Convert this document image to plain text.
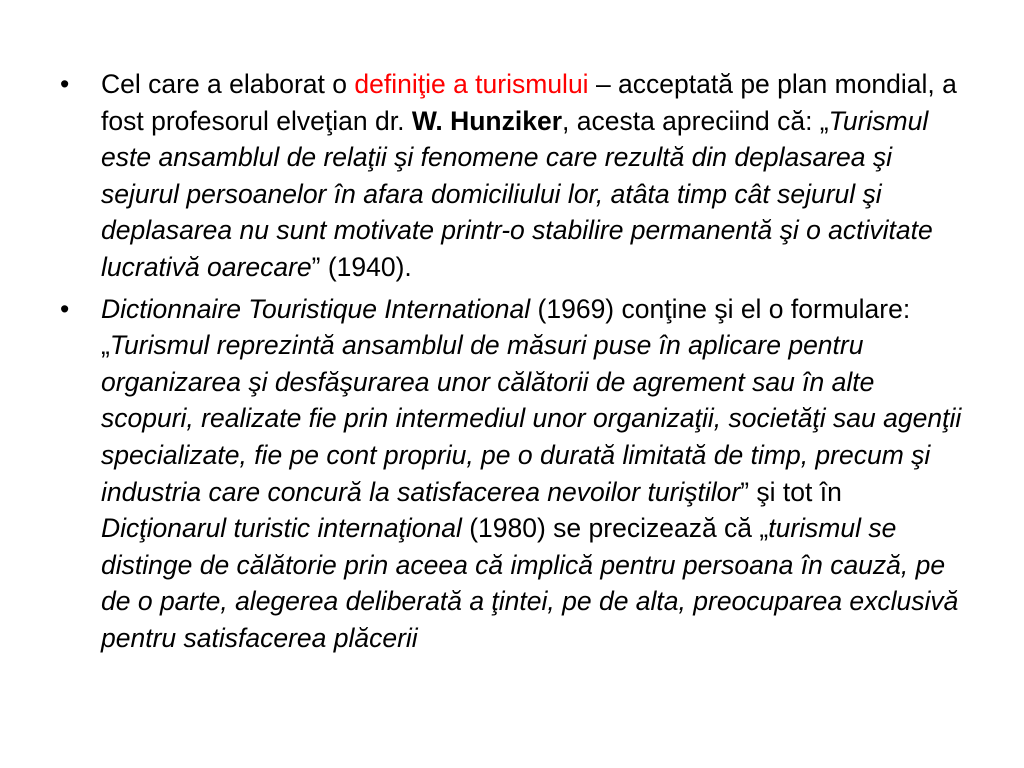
• Cel care a elaborat o definiţie a turismului – acceptată pe plan mondial, a fost profesorul elveţian dr. W. Hunziker, acesta apreciind că: „Turismul este ansamblul de relaţii şi fenomene care rezultă din deplasarea şi sejurul persoanelor în afara domiciliului lor, atâta timp cât sejurul şi deplasarea nu sunt motivate printr-o stabilire permanentă şi o activitate lucrativă oarecare” (1940).
• Dictionnaire Touristique International (1969) conţine şi el o formulare: „Turismul reprezintă ansamblul de măsuri puse în aplicare pentru organizarea şi desfăşurarea unor călătorii de agrement sau în alte scopuri, realizate fie prin intermediul unor organizaţii, societăţi sau agenţii specializate, fie pe cont propriu, pe o durată limitată de timp, precum şi industria care concură la satisfacerea nevoilor turiştilor” şi tot în Dicţionarul turistic internaţional (1980) se precizează că „turismul se distinge de călătorie prin aceea că implică pentru persoana în cauză, pe de o parte, alegerea deliberată a ţintei, pe de alta, preocuparea exclusivă pentru satisfacerea plăcerii
